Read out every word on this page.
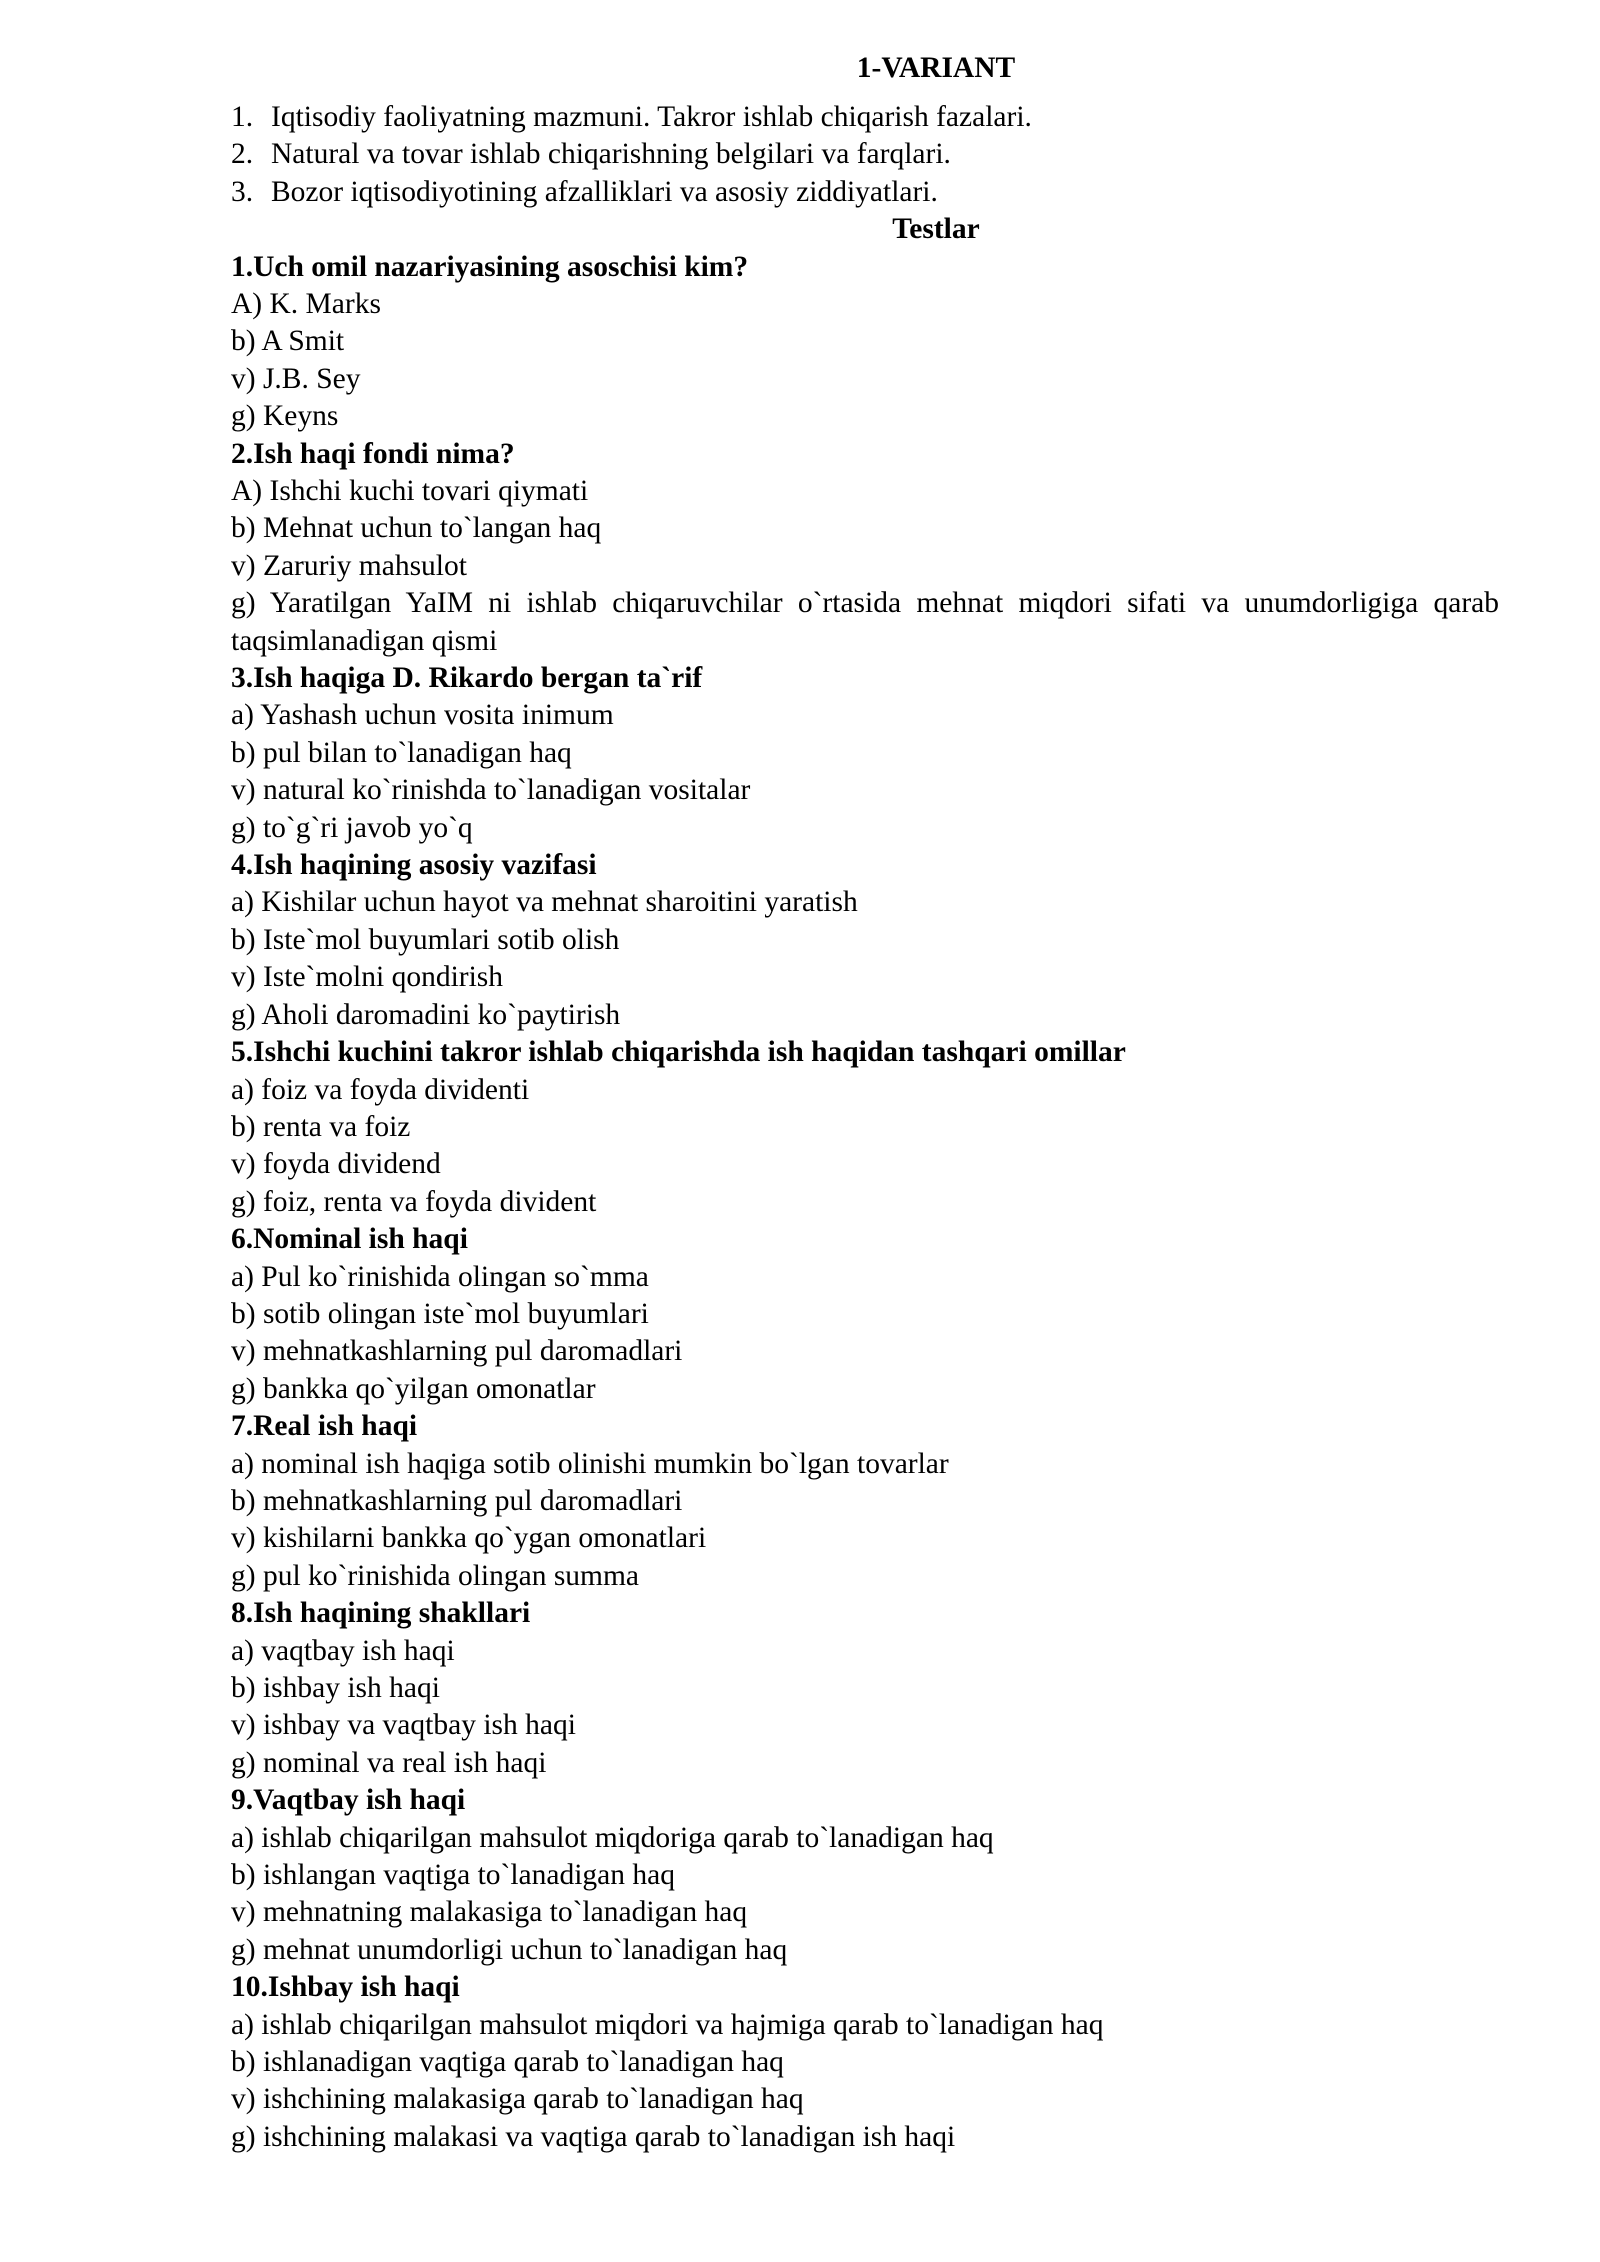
1-VARIANT
1. Iqtisodiy faoliyatning mazmuni. Takror ishlab chiqarish fazalari.
2. Natural va tovar ishlab chiqarishning belgilari va farqlari.
3. Bozor iqtisodiyotining afzalliklari va asosiy ziddiyatlari.
Testlar
1.Uch omil nazariyasining asoschisi kim?
A) K. Marks
b) A Smit
v) J.B. Sey
g) Keyns
2.Ish haqi fondi nima?
A) Ishchi kuchi tovari qiymati
b) Mehnat uchun to`langan haq
v) Zaruriy mahsulot
g) Yaratilgan YaIM ni ishlab chiqaruvchilar o`rtasida mehnat miqdori sifati va unumdorligiga qarab taqsimlanadigan qismi
3.Ish haqiga D. Rikardo bergan ta`rif
a) Yashash uchun vosita inimum
b) pul bilan to`lanadigan haq
v) natural ko`rinishda to`lanadigan vositalar
g) to`g`ri javob yo`q
4.Ish haqining asosiy vazifasi
a) Kishilar uchun hayot va mehnat sharoitini yaratish
b) Iste`mol buyumlari sotib olish
v) Iste`molni qondirish
g) Aholi daromadini ko`paytirish
5.Ishchi kuchini takror ishlab chiqarishda ish haqidan tashqari omillar
a) foiz va foyda dividenti
b) renta va foiz
v) foyda dividend
g) foiz, renta va foyda divident
6.Nominal ish haqi
a) Pul ko`rinishida olingan so`mma
b) sotib olingan iste`mol buyumlari
v) mehnatkashlarning pul daromadlari
g) bankka qo`yilgan omonatlar
7.Real ish haqi
a) nominal ish haqiga sotib olinishi mumkin bo`lgan tovarlar
b) mehnatkashlarning pul daromadlari
v) kishilarni bankka qo`ygan omonatlari
g) pul ko`rinishida olingan summa
8.Ish haqining shakllari
a) vaqtbay ish haqi
b) ishbay ish haqi
v) ishbay va vaqtbay ish haqi
g) nominal va real ish haqi
9.Vaqtbay ish haqi
a) ishlab chiqarilgan mahsulot miqdoriga qarab to`lanadigan haq
b) ishlangan vaqtiga to`lanadigan haq
v) mehnatning malakasiga to`lanadigan haq
g) mehnat unumdorligi uchun to`lanadigan haq
10.Ishbay ish haqi
a) ishlab chiqarilgan mahsulot miqdori va hajmiga qarab to`lanadigan haq
b) ishlanadigan vaqtiga qarab to`lanadigan haq
v) ishchining malakasiga qarab to`lanadigan haq
g) ishchining malakasi va vaqtiga qarab to`lanadigan ish haqi
